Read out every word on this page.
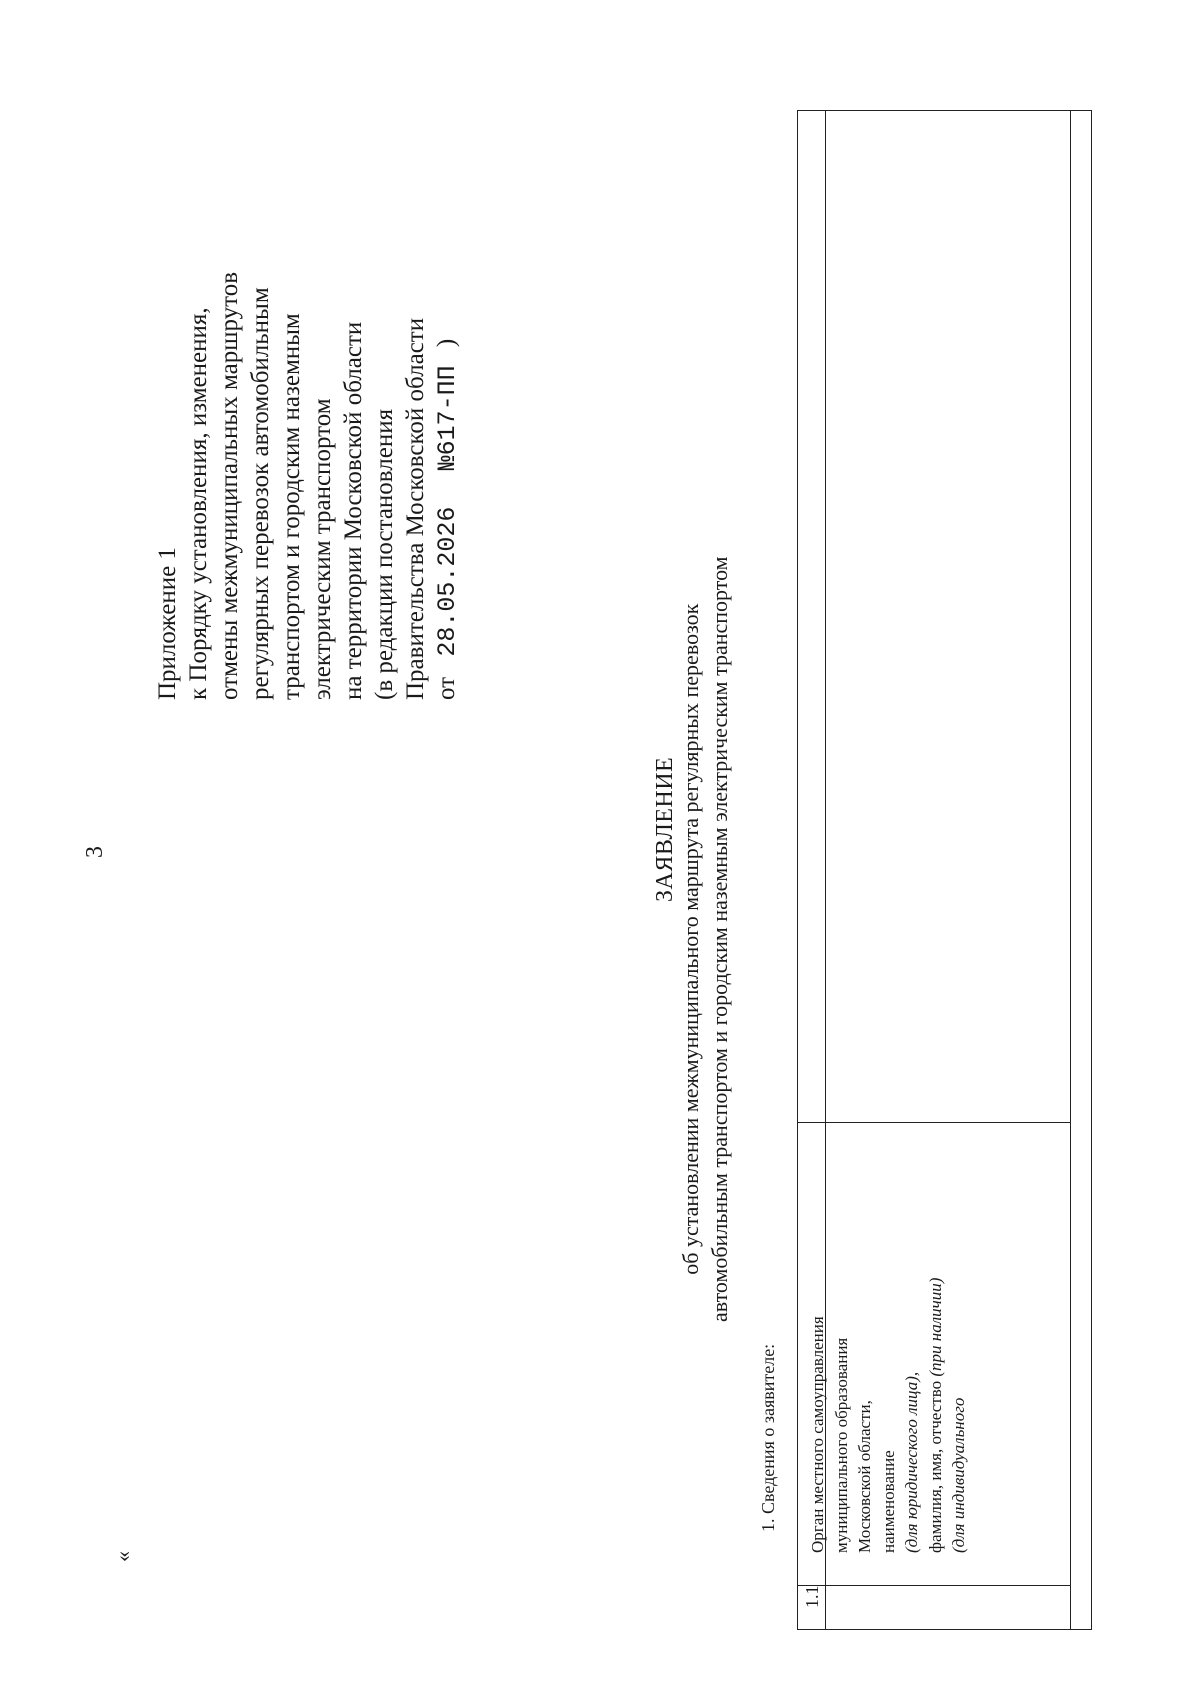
3
«
Приложение 1 к Порядку установления, изменения, отмены межмуниципальных маршрутов регулярных перевозок автомобильным транспортом и городским наземным электрическим транспортом на территории Московской области (в редакции постановления Правительства Московской области от 28.05.2026 №617-ПП )
ЗАЯВЛЕНИЕ об установлении межмуниципального маршрута регулярных перевозок автомобильным транспортом и городским наземным электрическим транспортом
1. Сведения о заявителе:
1.1
Орган местного самоуправления муниципального образования Московской области, наименование (для юридического лица), фамилия, имя, отчество (при наличии)
(для индивидуального
